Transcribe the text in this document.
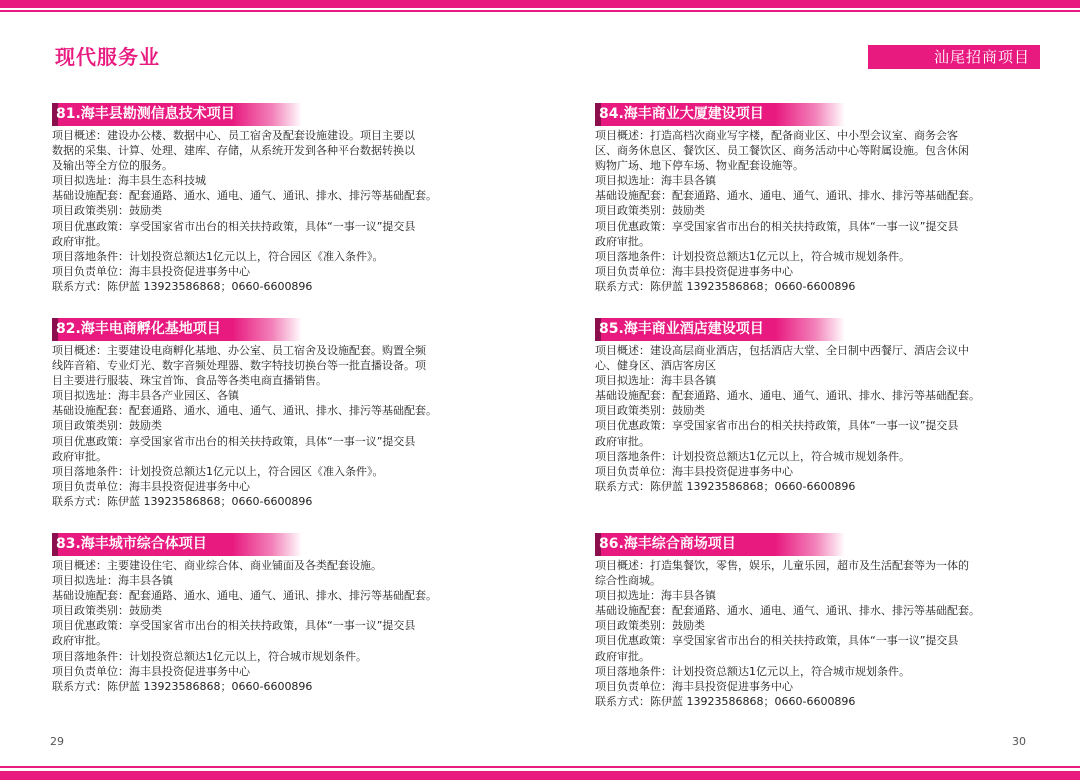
现代服务业	汕尾招商项目
81.海丰县勘测信息技术项目
项目概述：建设办公楼、数据中心、员工宿舍及配套设施建设。项目主要以
数据的采集、计算、处理、建库、存储，从系统开发到各种平台数据转换以
及输出等全方位的服务。
项目拟选址：海丰县生态科技城
基础设施配套：配套通路、通水、通电、通气、通讯、排水、排污等基础配套。
项目政策类别：鼓励类
项目优惠政策：享受国家省市出台的相关扶持政策，具体“一事一议”提交县
政府审批。
项目落地条件：计划投资总额达1亿元以上，符合园区《准入条件》。
项目负责单位：海丰县投资促进事务中心
联系方式：陈伊蓝 13923586868；0660-6600896
82.海丰电商孵化基地项目
项目概述：主要建设电商孵化基地、办公室、员工宿舍及设施配套。购置全频
线阵音箱、专业灯光、数字音频处理器、数字特技切换台等一批直播设备。项
目主要进行服装、珠宝首饰、食品等各类电商直播销售。
项目拟选址：海丰县各产业园区、各镇
基础设施配套：配套通路、通水、通电、通气、通讯、排水、排污等基础配套。
项目政策类别：鼓励类
项目优惠政策：享受国家省市出台的相关扶持政策，具体“一事一议”提交县
政府审批。
项目落地条件：计划投资总额达1亿元以上，符合园区《准入条件》。
项目负责单位：海丰县投资促进事务中心
联系方式：陈伊蓝 13923586868；0660-6600896
83.海丰城市综合体项目
项目概述：主要建设住宅、商业综合体、商业铺面及各类配套设施。
项目拟选址：海丰县各镇
基础设施配套：配套通路、通水、通电、通气、通讯、排水、排污等基础配套。
项目政策类别：鼓励类
项目优惠政策：享受国家省市出台的相关扶持政策，具体“一事一议”提交县
政府审批。
项目落地条件：计划投资总额达1亿元以上，符合城市规划条件。
项目负责单位：海丰县投资促进事务中心
联系方式：陈伊蓝 13923586868；0660-6600896
84.海丰商业大厦建设项目
项目概述：打造高档次商业写字楼，配备商业区、中小型会议室、商务会客
区、商务休息区、餐饮区、员工餐饮区、商务活动中心等附属设施。包含休闲
购物广场、地下停车场、物业配套设施等。
项目拟选址：海丰县各镇
基础设施配套：配套通路、通水、通电、通气、通讯、排水、排污等基础配套。
项目政策类别：鼓励类
项目优惠政策：享受国家省市出台的相关扶持政策，具体“一事一议”提交县
政府审批。
项目落地条件：计划投资总额达1亿元以上，符合城市规划条件。
项目负责单位：海丰县投资促进事务中心
联系方式：陈伊蓝 13923586868；0660-6600896
85.海丰商业酒店建设项目
项目概述：建设高层商业酒店，包括酒店大堂、全日制中西餐厅、酒店会议中
心、健身区、酒店客房区
项目拟选址：海丰县各镇
基础设施配套：配套通路、通水、通电、通气、通讯、排水、排污等基础配套。
项目政策类别：鼓励类
项目优惠政策：享受国家省市出台的相关扶持政策，具体“一事一议”提交县
政府审批。
项目落地条件：计划投资总额达1亿元以上，符合城市规划条件。
项目负责单位：海丰县投资促进事务中心
联系方式：陈伊蓝 13923586868；0660-6600896
86.海丰综合商场项目
项目概述：打造集餐饮，零售，娱乐，儿童乐园，超市及生活配套等为一体的
综合性商城。
项目拟选址：海丰县各镇
基础设施配套：配套通路、通水、通电、通气、通讯、排水、排污等基础配套。
项目政策类别：鼓励类
项目优惠政策：享受国家省市出台的相关扶持政策，具体“一事一议”提交县
政府审批。
项目落地条件：计划投资总额达1亿元以上，符合城市规划条件。
项目负责单位：海丰县投资促进事务中心
联系方式：陈伊蓝 13923586868；0660-6600896
29	30
